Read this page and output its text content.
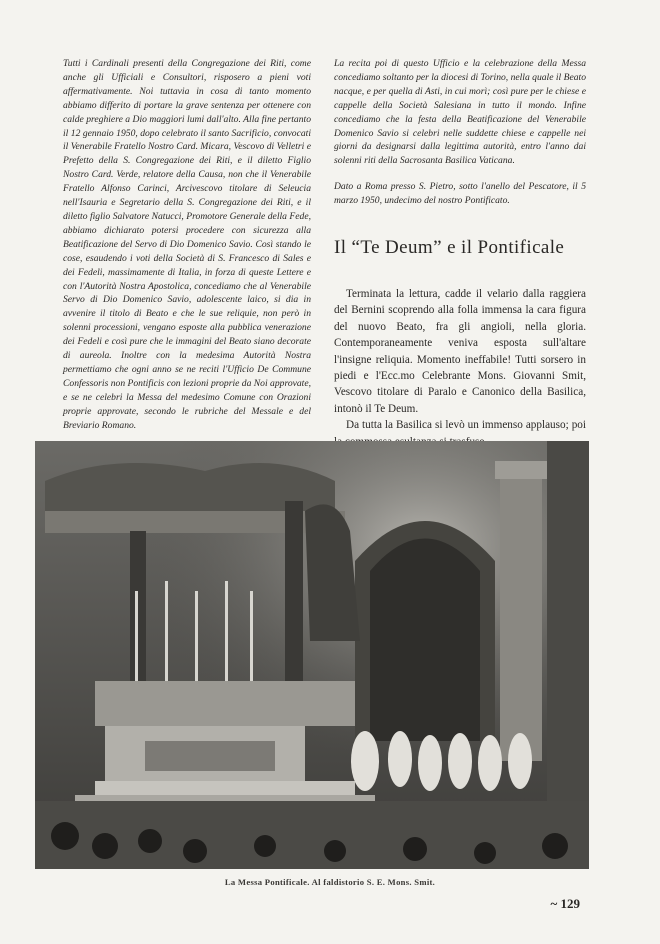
Tutti i Cardinali presenti della Congregazione dei Riti, come anche gli Ufficiali e Consultori, risposero a pieni voti affermativamente. Noi tuttavia in cosa di tanto momento abbiamo differito di portare la grave sentenza per ottenere con calde preghiere a Dio maggiori lumi dall'alto. Alla fine pertanto il 12 gennaio 1950, dopo celebrato il santo Sacrificio, convocati il Venerabile Fratello Nostro Card. Micara, Vescovo di Velletri e Prefetto della S. Congregazione dei Riti, e il diletto Figlio Nostro Card. Verde, relatore della Causa, non che il Venerabile Fratello Alfonso Carinci, Arcivescovo titolare di Seleucia nell'Isauria e Segretario della S. Congregazione dei Riti, e il diletto figlio Salvatore Natucci, Promotore Generale della Fede, abbiamo dichiarato potersi procedere con sicurezza alla Beatificazione del Servo di Dio Domenico Savio. Così stando le cose, esaudendo i voti della Società di S. Francesco di Sales e dei Fedeli, massimamente di Italia, in forza di queste Lettere e con l'Autorità Nostra Apostolica, concediamo che al Venerabile Servo di Dio Domenico Savio, adolescente laico, si dia in avvenire il titolo di Beato e che le sue reliquie, non però in solenni processioni, vengano esposte alla pubblica venerazione dei Fedeli e così pure che le immagini del Beato siano decorate di aureola. Inoltre con la medesima Autorità Nostra permettiamo che ogni anno se ne reciti l'Ufficio De Commune Confessoris non Pontificis con lezioni proprie da Noi approvate, e se ne celebri la Messa del medesimo Comune con Orazioni proprie approvate, secondo le rubriche del Messale e del Breviario Romano.

La recita poi di questo Ufficio e la celebrazione della Messa concediamo soltanto per la diocesi di Torino, nella quale il Beato nacque, e per quella di Asti, in cui morì; così pure per le chiese e cappelle della Società Salesiana in tutto il mondo. Infine concediamo che la festa della Beatificazione del Venerabile Domenico Savio si celebri nelle suddette chiese e cappelle nei giorni da designarsi dalla legittima autorità, entro l'anno dai solenni riti della Sacrosanta Basilica Vaticana.

Dato a Roma presso S. Pietro, sotto l'anello del Pescatore, il 5 marzo 1950, undecimo del nostro Pontificato.

Il “Te Deum” e il Pontificale

Terminata la lettura, cadde il velario dalla raggiera del Bernini scoprendo alla folla immensa la cara figura del nuovo Beato, fra gli angioli, nella gloria. Contemporaneamente veniva esposta sull'altare l'insigne reliquia. Momento ineffabile! Tutti sorsero in piedi e l'Ecc.mo Celebrante Mons. Giovanni Smit, Vescovo titolare di Paralo e Canonico della Basilica, intonò il Te Deum.

Da tutta la Basilica si levò un immenso applauso; poi

La Messa Pontificale. Al faldistorio S. E. Mons. Smit.
~ 129
